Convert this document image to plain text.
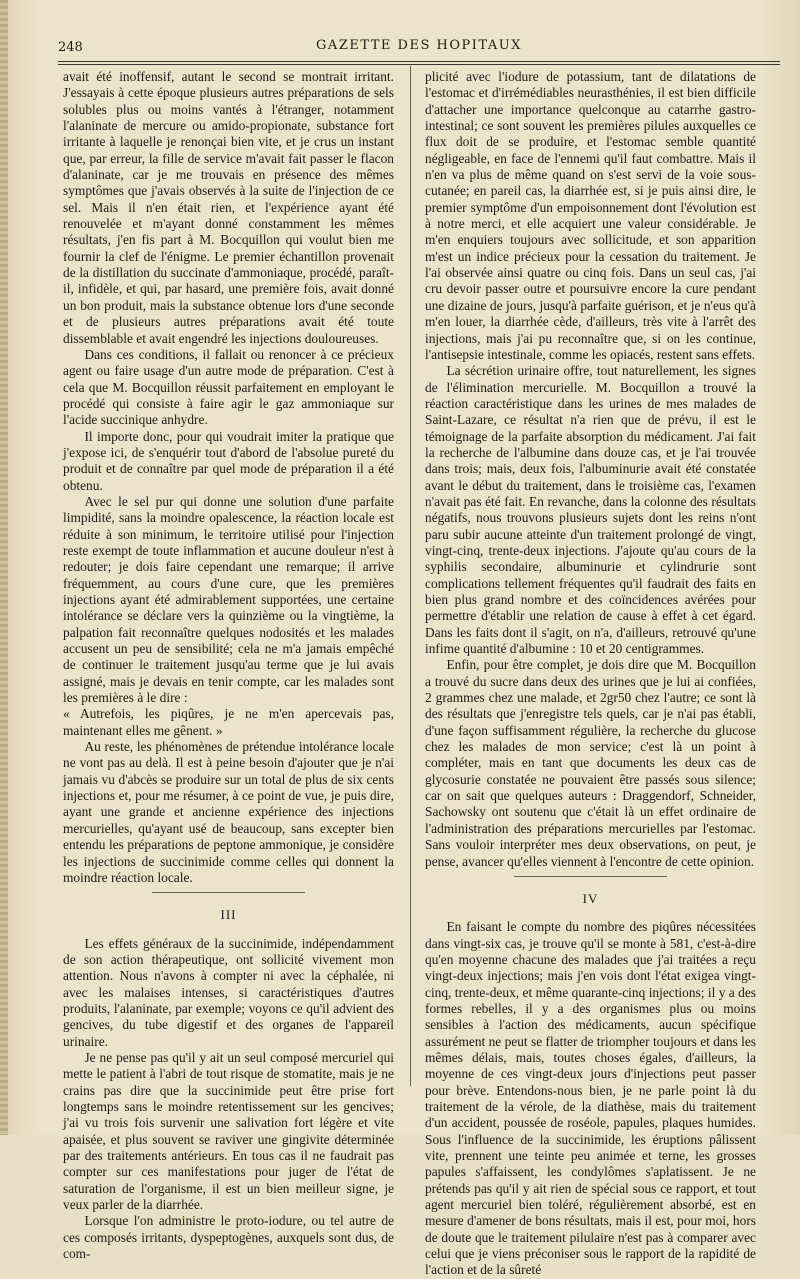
248	GAZETTE DES HOPITAUX

avait été inoffensif, autant le second se montrait irritant. J'essayais à cette époque plusieurs autres préparations de sels solubles plus ou moins vantés à l'étranger, notamment l'alaninate de mercure ou amido-propionate, substance fort irritante à laquelle je renonçai bien vite, et je crus un instant que, par erreur, la fille de service m'avait fait passer le flacon d'alaninate, car je me trouvais en présence des mêmes symptômes que j'avais observés à la suite de l'injection de ce sel. Mais il n'en était rien, et l'expérience ayant été renouvelée et m'ayant donné constamment les mêmes résultats, j'en fis part à M. Bocquillon qui voulut bien me fournir la clef de l'énigme. Le premier échantillon provenait de la distillation du succinate d'ammoniaque, procédé, paraît-il, infidèle, et qui, par hasard, une première fois, avait donné un bon produit, mais la substance obtenue lors d'une seconde et de plusieurs autres préparations avait été toute dissemblable et avait engendré les injections douloureuses.

Dans ces conditions, il fallait ou renoncer à ce précieux agent ou faire usage d'un autre mode de préparation. C'est à cela que M. Bocquillon réussit parfaitement en employant le procédé qui consiste à faire agir le gaz ammoniaque sur l'acide succinique anhydre.

Il importe donc, pour qui voudrait imiter la pratique que j'expose ici, de s'enquérir tout d'abord de l'absolue pureté du produit et de connaître par quel mode de préparation il a été obtenu.

Avec le sel pur qui donne une solution d'une parfaite limpidité, sans la moindre opalescence, la réaction locale est réduite à son minimum, le territoire utilisé pour l'injection reste exempt de toute inflammation et aucune douleur n'est à redouter; je dois faire cependant une remarque; il arrive fréquemment, au cours d'une cure, que les premières injections ayant été admirablement supportées, une certaine intolérance se déclare vers la quinzième ou la vingtième, la palpation fait reconnaître quelques nodosités et les malades accusent un peu de sensibilité; cela ne m'a jamais empêché de continuer le traitement jusqu'au terme que je lui avais assigné, mais je devais en tenir compte, car les malades sont les premières à le dire :

« Autrefois, les piqûres, je ne m'en apercevais pas, maintenant elles me gênent. »

Au reste, les phénomènes de prétendue intolérance locale ne vont pas au delà. Il est à peine besoin d'ajouter que je n'ai jamais vu d'abcès se produire sur un total de plus de six cents injections et, pour me résumer, à ce point de vue, je puis dire, ayant une grande et ancienne expérience des injections mercurielles, qu'ayant usé de beaucoup, sans excepter bien entendu les préparations de peptone ammonique, je considère les injections de succinimide comme celles qui donnent la moindre réaction locale.

III

Les effets généraux de la succinimide, indépendamment de son action thérapeutique, ont sollicité vivement mon attention. Nous n'avons à compter ni avec la céphalée, ni avec les malaises intenses, si caractéristiques d'autres produits, l'alaninate, par exemple; voyons ce qu'il advient des gencives, du tube digestif et des organes de l'appareil urinaire.

Je ne pense pas qu'il y ait un seul composé mercuriel qui mette le patient à l'abri de tout risque de stomatite, mais je ne crains pas dire que la succinimide peut être prise fort longtemps sans le moindre retentissement sur les gencives; j'ai vu trois fois survenir une salivation fort légère et vite apaisée, et plus souvent se raviver une gingivite déterminée par des traitements antérieurs. En tous cas il ne faudrait pas compter sur ces manifestations pour juger de l'état de saturation de l'organisme, il est un bien meilleur signe, je veux parler de la diarrhée.

Lorsque l'on administre le proto-iodure, ou tel autre de ces composés irritants, dyspeptogènes, auxquels sont dus, de com-

plicité avec l'iodure de potassium, tant de dilatations de l'estomac et d'irrémédiables neurasthénies, il est bien difficile d'attacher une importance quelconque au catarrhe gastro-intestinal; ce sont souvent les premières pilules auxquelles ce flux doit de se produire, et l'estomac semble quantité négligeable, en face de l'ennemi qu'il faut combattre. Mais il n'en va plus de même quand on s'est servi de la voie sous-cutanée; en pareil cas, la diarrhée est, si je puis ainsi dire, le premier symptôme d'un empoisonnement dont l'évolution est à notre merci, et elle acquiert une valeur considérable. Je m'en enquiers toujours avec sollicitude, et son apparition m'est un indice précieux pour la cessation du traitement. Je l'ai observée ainsi quatre ou cinq fois. Dans un seul cas, j'ai cru devoir passer outre et poursuivre encore la cure pendant une dizaine de jours, jusqu'à parfaite guérison, et je n'eus qu'à m'en louer, la diarrhée cède, d'ailleurs, très vite à l'arrêt des injections, mais j'ai pu reconnaître que, si on les continue, l'antisepsie intestinale, comme les opiacés, restent sans effets.

La sécrétion urinaire offre, tout naturellement, les signes de l'élimination mercurielle. M. Bocquillon a trouvé la réaction caractéristique dans les urines de mes malades de Saint-Lazare, ce résultat n'a rien que de prévu, il est le témoignage de la parfaite absorption du médicament. J'ai fait la recherche de l'albumine dans douze cas, et je l'ai trouvée dans trois; mais, deux fois, l'albuminurie avait été constatée avant le début du traitement, dans le troisième cas, l'examen n'avait pas été fait. En revanche, dans la colonne des résultats négatifs, nous trouvons plusieurs sujets dont les reins n'ont paru subir aucune atteinte d'un traitement prolongé de vingt, vingt-cinq, trente-deux injections. J'ajoute qu'au cours de la syphilis secondaire, albuminurie et cylindrurie sont complications tellement fréquentes qu'il faudrait des faits en bien plus grand nombre et des coïncidences avérées pour permettre d'établir une relation de cause à effet à cet égard. Dans les faits dont il s'agit, on n'a, d'ailleurs, retrouvé qu'une infime quantité d'albumine : 10 et 20 centigrammes.

Enfin, pour être complet, je dois dire que M. Bocquillon a trouvé du sucre dans deux des urines que je lui ai confiées, 2 grammes chez une malade, et 2gr50 chez l'autre; ce sont là des résultats que j'enregistre tels quels, car je n'ai pas établi, d'une façon suffisamment régulière, la recherche du glucose chez les malades de mon service; c'est là un point à compléter, mais en tant que documents les deux cas de glycosurie constatée ne pouvaient être passés sous silence; car on sait que quelques auteurs : Draggendorf, Schneider, Sachowsky ont soutenu que c'était là un effet ordinaire de l'administration des préparations mercurielles par l'estomac. Sans vouloir interpréter mes deux observations, on peut, je pense, avancer qu'elles viennent à l'encontre de cette opinion.

IV

En faisant le compte du nombre des piqûres nécessitées dans vingt-six cas, je trouve qu'il se monte à 581, c'est-à-dire qu'en moyenne chacune des malades que j'ai traitées a reçu vingt-deux injections; mais j'en vois dont l'état exigea vingt-cinq, trente-deux, et même quarante-cinq injections; il y a des formes rebelles, il y a des organismes plus ou moins sensibles à l'action des médicaments, aucun spécifique assurément ne peut se flatter de triompher toujours et dans les mêmes délais, mais, toutes choses égales, d'ailleurs, la moyenne de ces vingt-deux jours d'injections peut passer pour brève. Entendons-nous bien, je ne parle point là du traitement de la vérole, de la diathèse, mais du traitement d'un accident, poussée de roséole, papules, plaques humides. Sous l'influence de la succinimide, les éruptions pâlissent vite, prennent une teinte peu animée et terne, les grosses papules s'affaissent, les condylômes s'aplatissent. Je ne prétends pas qu'il y ait rien de spécial sous ce rapport, et tout agent mercuriel bien toléré, régulièrement absorbé, est en mesure d'amener de bons résultats, mais il est, pour moi, hors de doute que le traitement pilulaire n'est pas à comparer avec celui que je viens préconiser sous le rapport de la rapidité de l'action et de la sûreté
